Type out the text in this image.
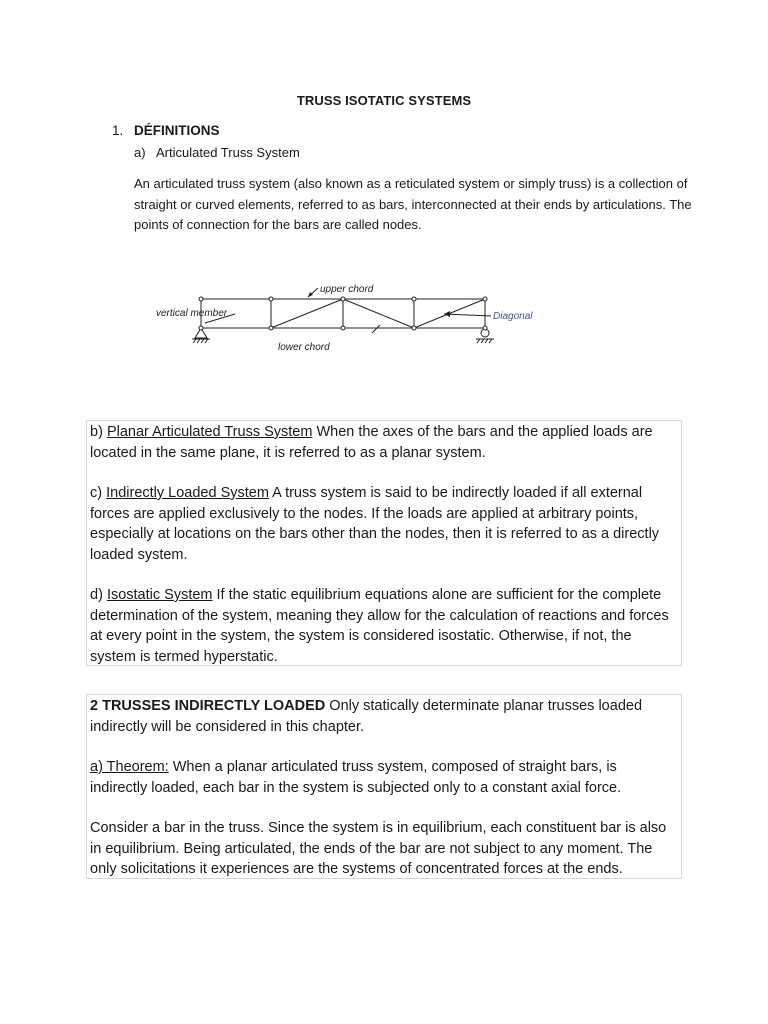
TRUSS ISOTATIC SYSTEMS
1. DÉFINITIONS
a) Articulated Truss System

An articulated truss system (also known as a reticulated system or simply truss) is a collection of straight or curved elements, referred to as bars, interconnected at their ends by articulations. The points of connection for the bars are called nodes.

upper chord
vertical member
lower chord
Diagonal

b) Planar Articulated Truss System When the axes of the bars and the applied loads are located in the same plane, it is referred to as a planar system.

c) Indirectly Loaded System A truss system is said to be indirectly loaded if all external forces are applied exclusively to the nodes. If the loads are applied at arbitrary points, especially at locations on the bars other than the nodes, then it is referred to as a directly loaded system.

d) Isostatic System If the static equilibrium equations alone are sufficient for the complete determination of the system, meaning they allow for the calculation of reactions and forces at every point in the system, the system is considered isostatic. Otherwise, if not, the system is termed hyperstatic.

2 TRUSSES INDIRECTLY LOADED Only statically determinate planar trusses loaded indirectly will be considered in this chapter.

a) Theorem: When a planar articulated truss system, composed of straight bars, is indirectly loaded, each bar in the system is subjected only to a constant axial force.

Consider a bar in the truss. Since the system is in equilibrium, each constituent bar is also in equilibrium. Being articulated, the ends of the bar are not subject to any moment. The only solicitations it experiences are the systems of concentrated forces at the ends.
